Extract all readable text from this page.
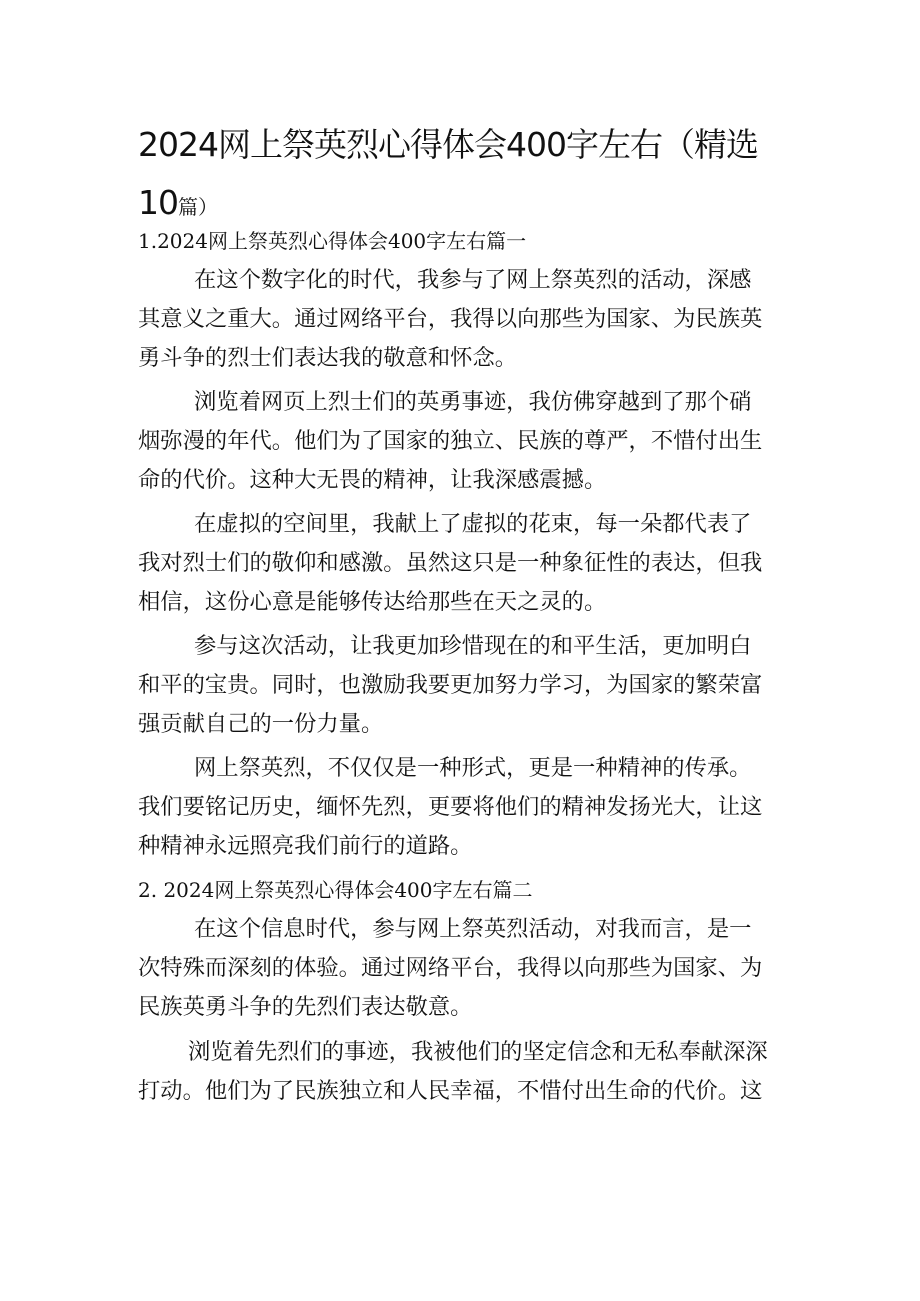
2024网上祭英烈心得体会400字左右（精选
10篇）

1.2024网上祭英烈心得体会400字左右篇一

在这个数字化的时代，我参与了网上祭英烈的活动，深感

其意义之重大。通过网络平台，我得以向那些为国家、为民族英

勇斗争的烈士们表达我的敬意和怀念。

浏览着网页上烈士们的英勇事迹，我仿佛穿越到了那个硝

烟弥漫的年代。他们为了国家的独立、民族的尊严，不惜付出生

命的代价。这种大无畏的精神，让我深感震撼。

在虚拟的空间里，我献上了虚拟的花束，每一朵都代表了

我对烈士们的敬仰和感激。虽然这只是一种象征性的表达，但我

相信，这份心意是能够传达给那些在天之灵的。

参与这次活动，让我更加珍惜现在的和平生活，更加明白

和平的宝贵。同时，也激励我要更加努力学习，为国家的繁荣富

强贡献自己的一份力量。

网上祭英烈，不仅仅是一种形式，更是一种精神的传承。

我们要铭记历史，缅怀先烈，更要将他们的精神发扬光大，让这

种精神永远照亮我们前行的道路。

2. 2024网上祭英烈心得体会400字左右篇二

在这个信息时代，参与网上祭英烈活动，对我而言，是一

次特殊而深刻的体验。通过网络平台，我得以向那些为国家、为

民族英勇斗争的先烈们表达敬意。

浏览着先烈们的事迹，我被他们的坚定信念和无私奉献深深

打动。他们为了民族独立和人民幸福，不惜付出生命的代价。这
